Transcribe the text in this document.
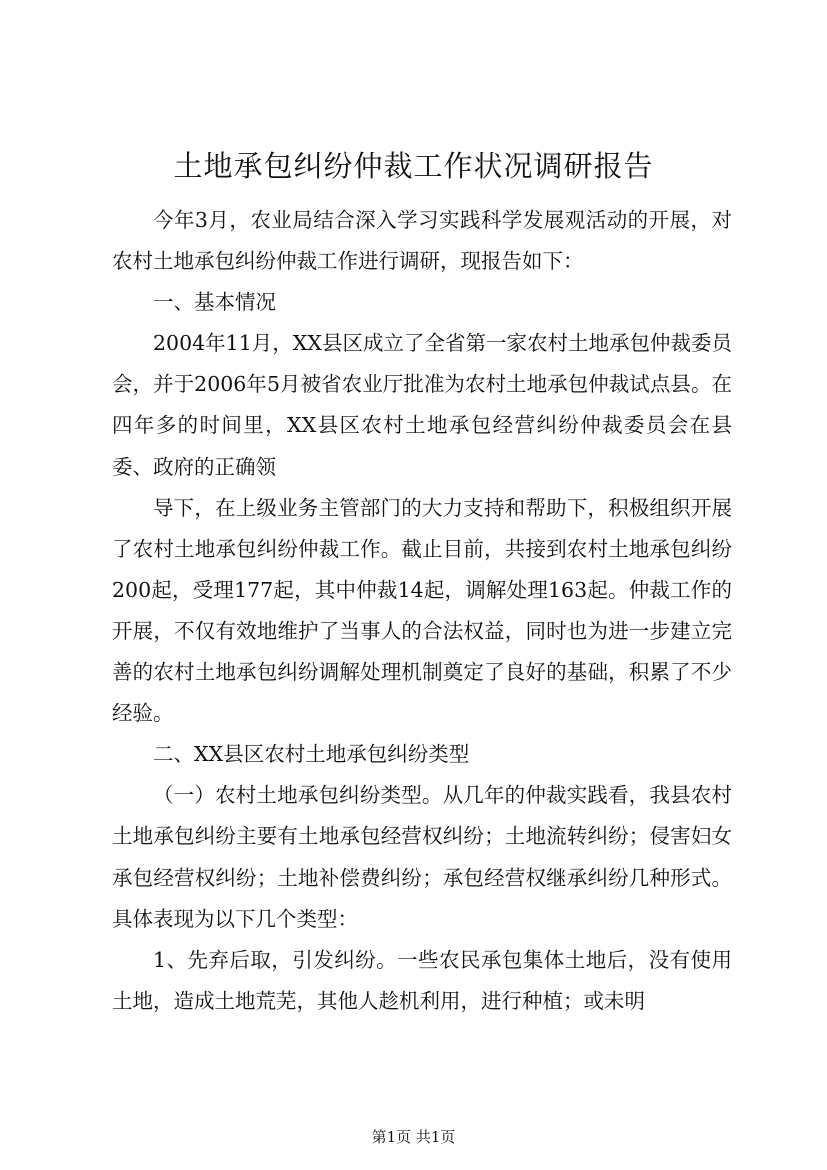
土地承包纠纷仲裁工作状况调研报告

今年3月，农业局结合深入学习实践科学发展观活动的开展，对农村土地承包纠纷仲裁工作进行调研，现报告如下：

一、基本情况

2004年11月，XX县区成立了全省第一家农村土地承包仲裁委员会，并于2006年5月被省农业厅批准为农村土地承包仲裁试点县。在四年多的时间里，XX县区农村土地承包经营纠纷仲裁委员会在县委、政府的正确领

导下，在上级业务主管部门的大力支持和帮助下，积极组织开展了农村土地承包纠纷仲裁工作。截止目前，共接到农村土地承包纠纷200起，受理177起，其中仲裁14起，调解处理163起。仲裁工作的开展，不仅有效地维护了当事人的合法权益，同时也为进一步建立完善的农村土地承包纠纷调解处理机制奠定了良好的基础，积累了不少经验。

二、XX县区农村土地承包纠纷类型

（一）农村土地承包纠纷类型。从几年的仲裁实践看，我县农村土地承包纠纷主要有土地承包经营权纠纷；土地流转纠纷；侵害妇女承包经营权纠纷；土地补偿费纠纷；承包经营权继承纠纷几种形式。具体表现为以下几个类型：

1、先弃后取，引发纠纷。一些农民承包集体土地后，没有使用土地，造成土地荒芜，其他人趁机利用，进行种植；或未明

第1页 共1页
